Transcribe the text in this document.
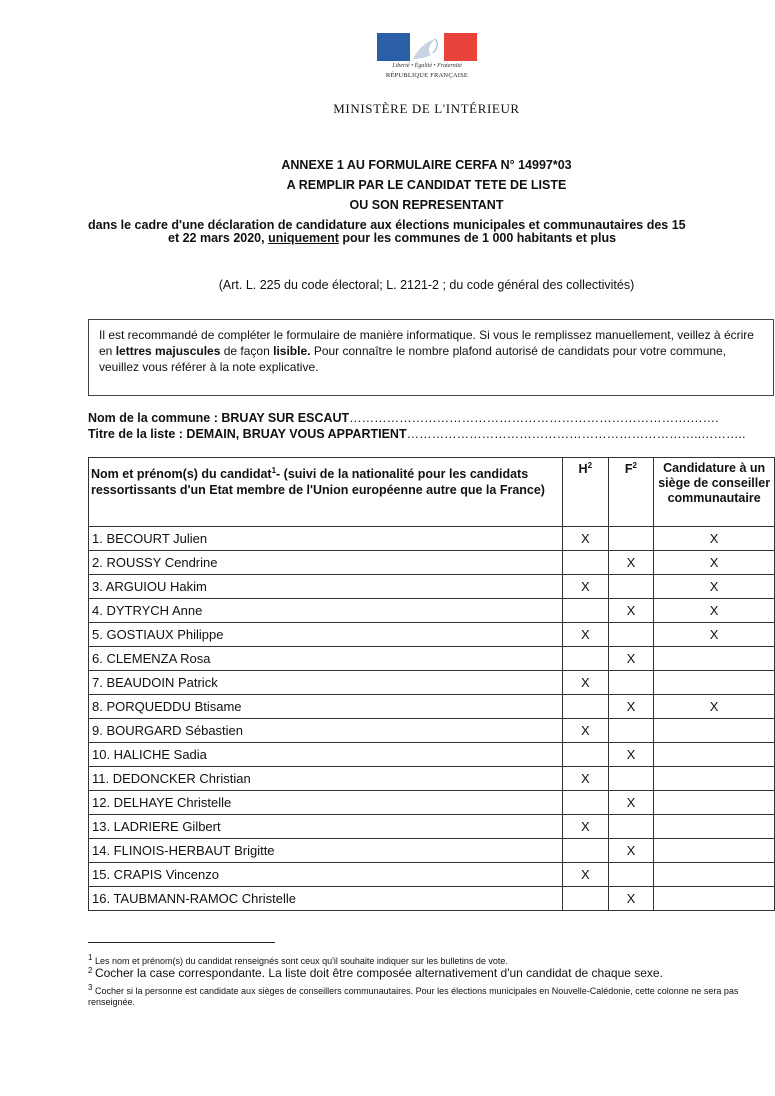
Liberté • Égalité • Fraternité
RÉPUBLIQUE FRANÇAISE
MINISTÈRE DE L'INTÉRIEUR
ANNEXE 1 AU FORMULAIRE CERFA N° 14997*03
A REMPLIR PAR LE CANDIDAT TETE DE LISTE
OU SON REPRESENTANT
dans le cadre d'une déclaration de candidature aux élections municipales et communautaires des 15
et 22 mars 2020, uniquement pour les communes de 1 000 habitants et plus
(Art. L. 225 du code électoral; L. 2121-2 ; du code général des collectivités)
Il est recommandé de compléter le formulaire de manière informatique. Si vous le remplissez manuellement, veillez à écrire en lettres majuscules de façon lisible. Pour connaître le nombre plafond autorisé de candidats pour votre commune, veuillez vous référer à la note explicative.
Nom de la commune : BRUAY SUR ESCAUT……………………………………………………………………….…….
Titre de la liste : DEMAIN, BRUAY VOUS APPARTIENT……………………………………………………………..………..
Nom et prénom(s) du candidat$^1$- (suivi de la nationalité pour les candidats ressortissants d'un Etat membre de l'Union européenne autre que la France)	$H^2$	$F^2$	Candidature à un siège de conseiller communautaire
1. BECOURT Julien	X		X
2. ROUSSY Cendrine		X	X
3. ARGUIOU Hakim	X		X
4. DYTRYCH Anne		X	X
5. GOSTIAUX Philippe	X		X
6. CLEMENZA Rosa		X	
7. BEAUDOIN Patrick	X		
8. PORQUEDDU Btisame		X	X
9. BOURGARD Sébastien	X		
10. HALICHE Sadia		X	
11. DEDONCKER Christian	X		
12. DELHAYE Christelle		X	
13. LADRIERE Gilbert	X		
14. FLINOIS-HERBAUT Brigitte		X	
15. CRAPIS Vincenzo	X		
16. TAUBMANN-RAMOC Christelle		X	
$^1$ Les nom et prénom(s) du candidat renseignés sont ceux qu'il souhaite indiquer sur les bulletins de vote.
$^2$ Cocher la case correspondante. La liste doit être composée alternativement d'un candidat de chaque sexe.
$^3$ Cocher si la personne est candidate aux sièges de conseillers communautaires. Pour les élections municipales en Nouvelle-Calédonie, cette colonne ne sera pas renseignée.
